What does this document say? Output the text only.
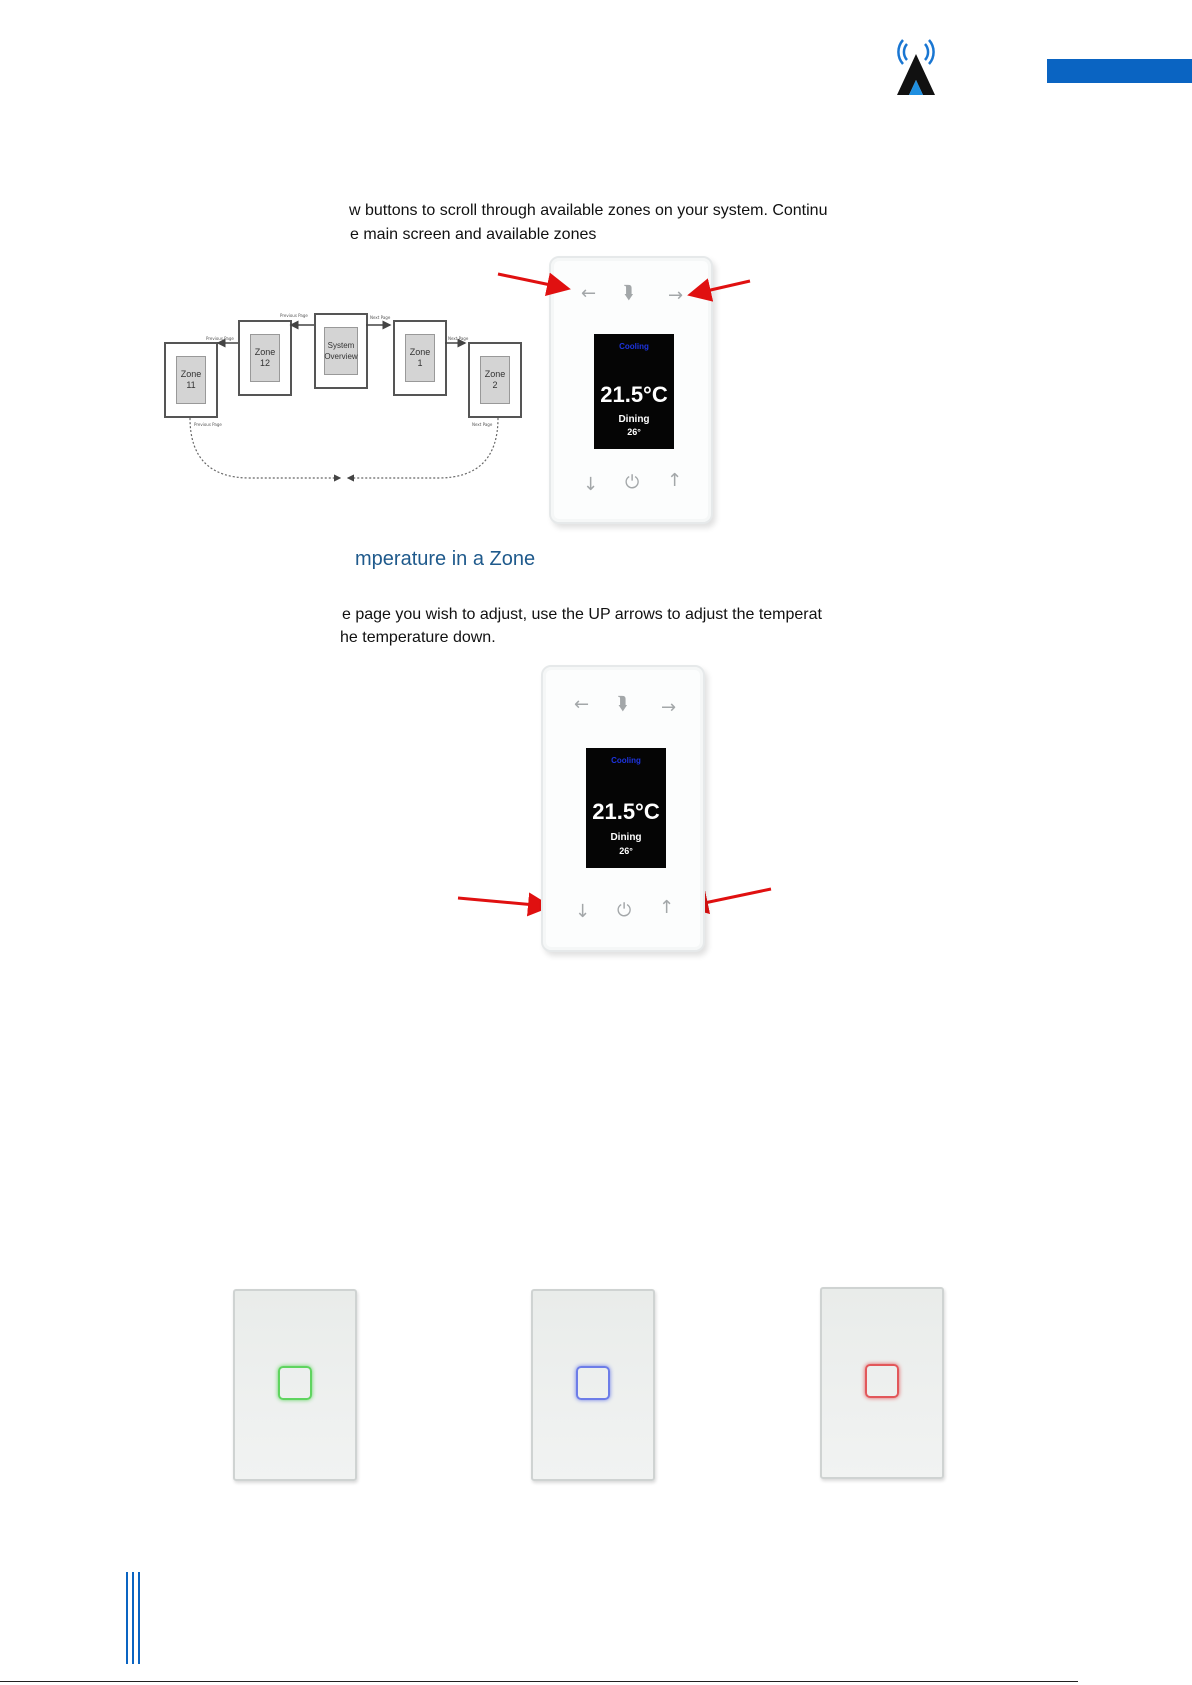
w buttons to scroll through available zones on your system. Continu
e main screen and available zones
Zone
11
Zone
12
System
Overview	Zone
1
Zone
2
Previous Page
Previous Page	Next Page
Next Page
Previous Page	Next Page
← ⮯ →
Cooling
21.5°C
Dining
26°
↓ ⏻ ↑
mperature in a Zone
e page you wish to adjust, use the UP arrows to adjust the temperat
he temperature down.
← ⮯ →
Cooling
21.5°C
Dining
26°
↓ ⏻ ↑
